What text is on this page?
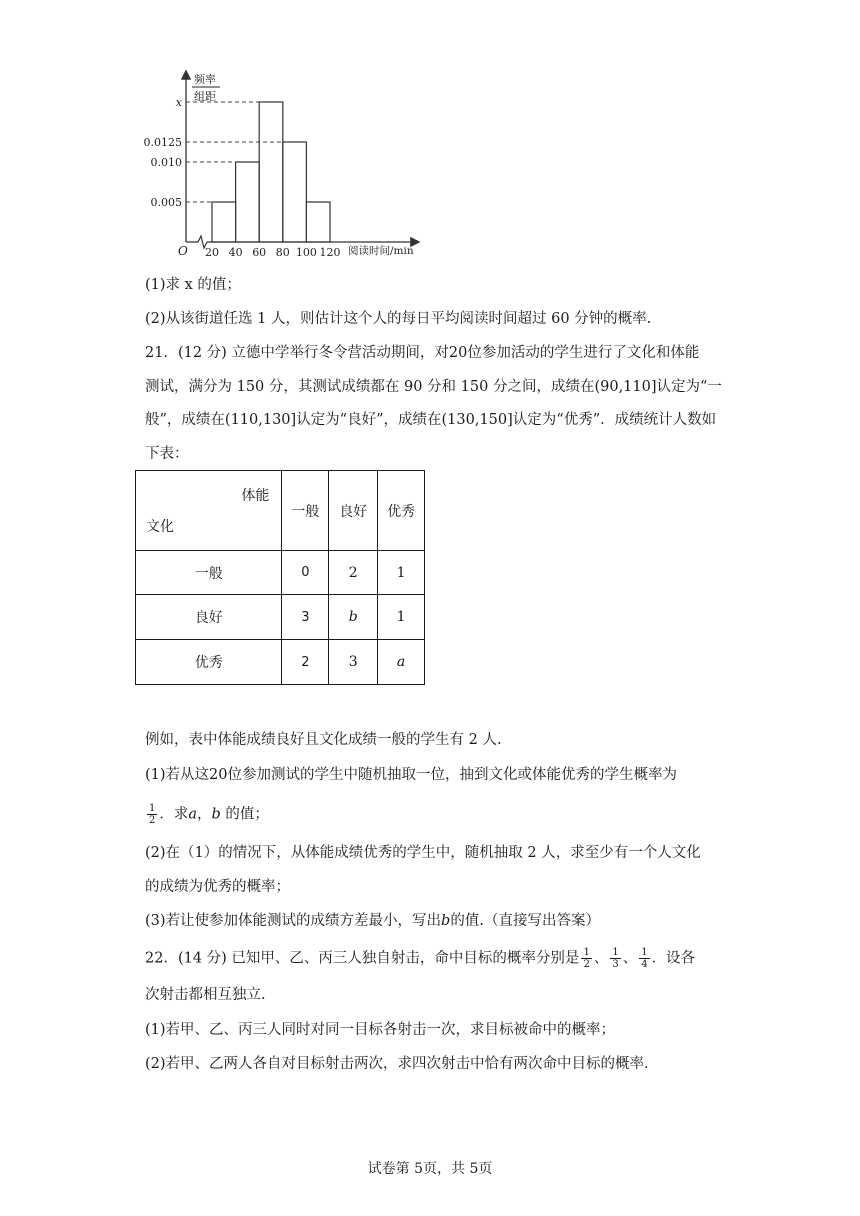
0.005
0.010
0.0125
x
20 40 60 80 100 120
O
频率
组距
阅读时间/min
(1)求 x 的值；
(2)从该街道任选 1 人，则估计这个人的每日平均阅读时间超过 60 分钟的概率.
21．(12 分) 立德中学举行冬令营活动期间，对20位参加活动的学生进行了文化和体能
测试，满分为 150 分，其测试成绩都在 90 分和 150 分之间，成绩在(90,110]认定为“一
般”，成绩在(110,130]认定为“良好”，成绩在(130,150]认定为“优秀”．成绩统计人数如
下表：
体能
文化	一般	良好	优秀
一般	0	2	1
良好	3	b	1
优秀	2	3	a
例如，表中体能成绩良好且文化成绩一般的学生有 2 人.
(1)若从这20位参加测试的学生中随机抽取一位，抽到文化或体能优秀的学生概率为
$\frac{1}{2}$ ．求a，b 的值；
(2)在（1）的情况下，从体能成绩优秀的学生中，随机抽取 2 人，求至少有一个人文化
的成绩为优秀的概率；
(3)若让使参加体能测试的成绩方差最小，写出b的值.（直接写出答案）
22．(14 分) 已知甲、乙、丙三人独自射击，命中目标的概率分别是 $\frac{1}{2}$ 、 $\frac{1}{3}$ 、 $\frac{1}{4}$ ．设各
次射击都相互独立.
(1)若甲、乙、丙三人同时对同一目标各射击一次，求目标被命中的概率；
(2)若甲、乙两人各自对目标射击两次，求四次射击中恰有两次命中目标的概率.
试卷第 5页，共 5页
